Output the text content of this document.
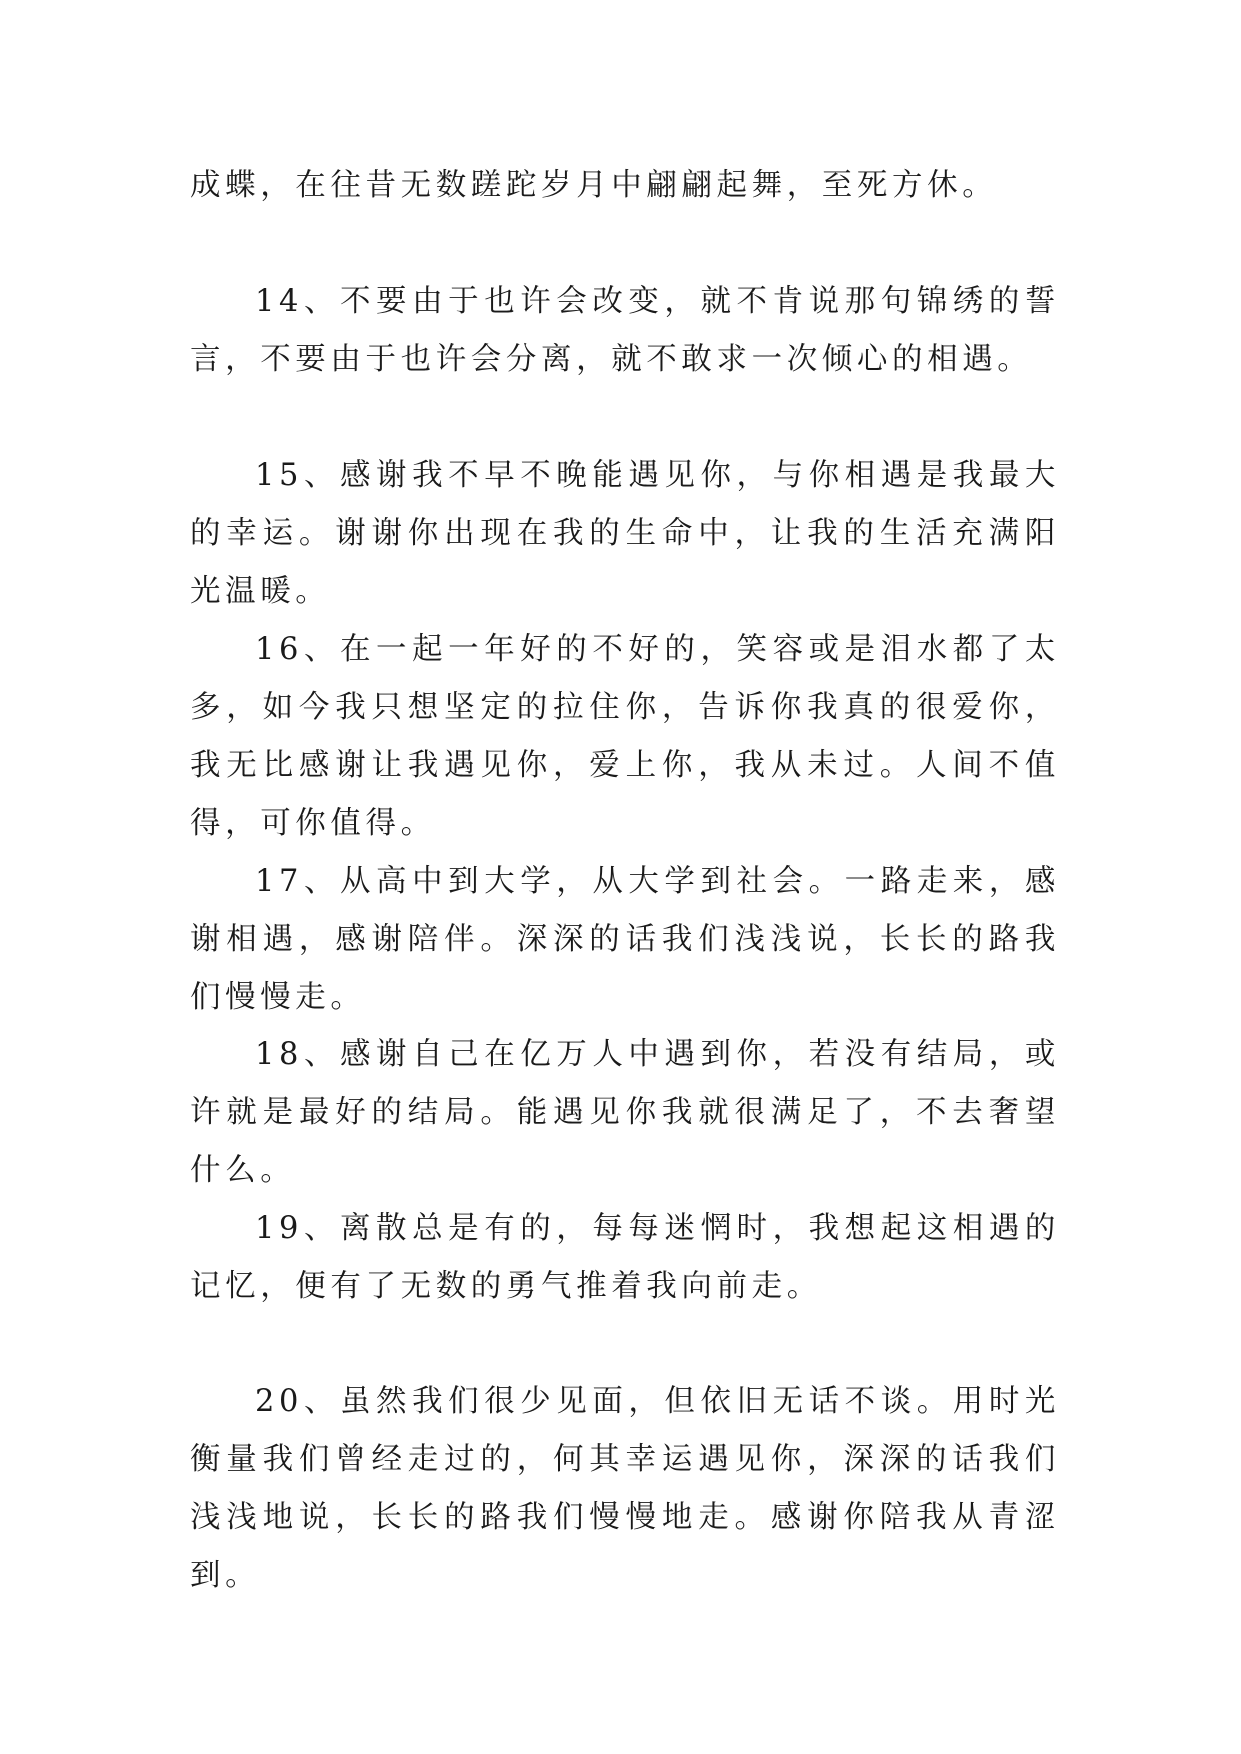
成蝶，在往昔无数蹉跎岁月中翩翩起舞，至死方休。

14、不要由于也许会改变，就不肯说那句锦绣的誓言，不要由于也许会分离，就不敢求一次倾心的相遇。

15、感谢我不早不晚能遇见你，与你相遇是我最大的幸运。谢谢你出现在我的生命中，让我的生活充满阳光温暖。

16、在一起一年好的不好的，笑容或是泪水都了太多，如今我只想坚定的拉住你，告诉你我真的很爱你，我无比感谢让我遇见你，爱上你，我从未过。人间不值得，可你值得。

17、从高中到大学，从大学到社会。一路走来，感谢相遇，感谢陪伴。深深的话我们浅浅说，长长的路我们慢慢走。

18、感谢自己在亿万人中遇到你，若没有结局，或许就是最好的结局。能遇见你我就很满足了，不去奢望什么。

19、离散总是有的，每每迷惘时，我想起这相遇的记忆，便有了无数的勇气推着我向前走。

20、虽然我们很少见面，但依旧无话不谈。用时光衡量我们曾经走过的，何其幸运遇见你，深深的话我们浅浅地说，长长的路我们慢慢地走。感谢你陪我从青涩到。
